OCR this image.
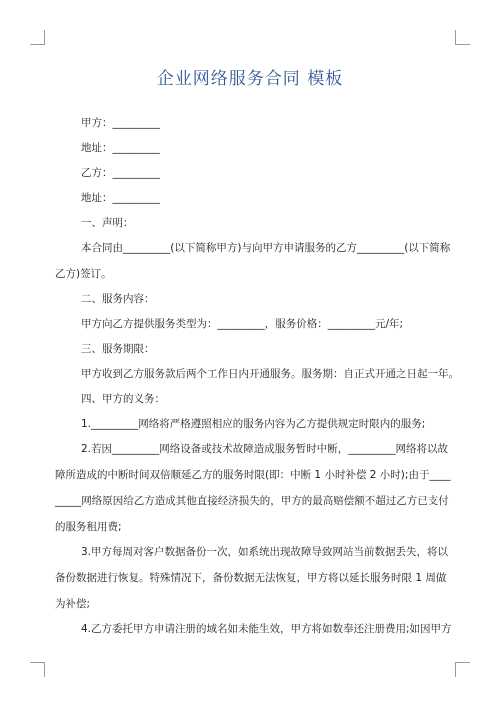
企业网络服务合同 模板

甲方：_________

地址：_________

乙方：_________

地址：_________

一、声明：

本合同由_________(以下简称甲方)与向甲方申请服务的乙方_________(以下简称

乙方)签订。

二、服务内容：

甲方向乙方提供服务类型为：_________，服务价格：_________元/年;

三、服务期限：

甲方收到乙方服务款后两个工作日内开通服务。服务期：自正式开通之日起一年。

四、甲方的义务：

1._________网络将严格遵照相应的服务内容为乙方提供规定时限内的服务;

2.若因_________网络设备或技术故障造成服务暂时中断，_________网络将以故

障所造成的中断时间双倍顺延乙方的服务时限(即：中断 1 小时补偿 2 小时);由于____

_____网络原因给乙方造成其他直接经济损失的，甲方的最高赔偿额不超过乙方已支付

的服务租用费;

3.甲方每周对客户数据备份一次，如系统出现故障导致网站当前数据丢失，将以

备份数据进行恢复。特殊情况下，备份数据无法恢复，甲方将以延长服务时限 1 周做

为补偿;

4.乙方委托甲方申请注册的域名如未能生效，甲方将如数奉还注册费用;如因甲方
